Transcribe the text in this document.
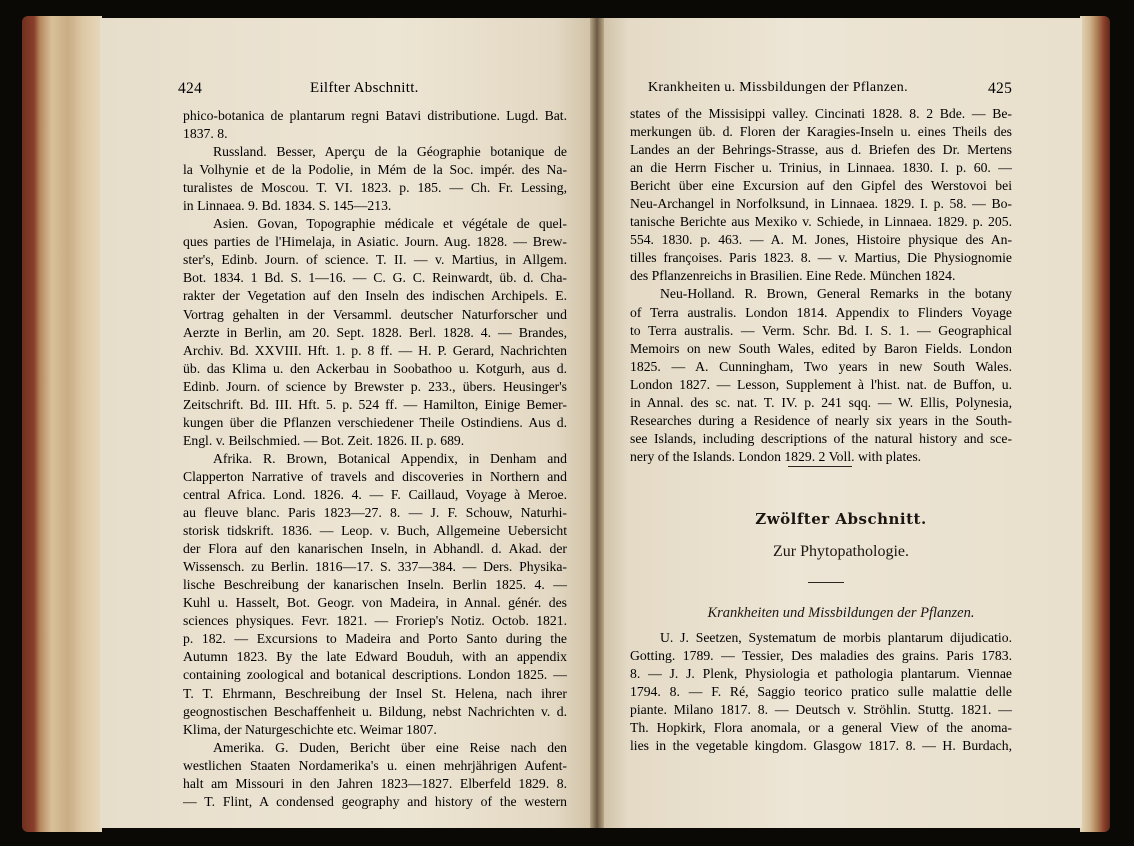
424	Eilfter Abschnitt.

phico-botanica de plantarum regni Batavi distributione. Lugd. Bat.

1837. 8.

Russland. Besser, Aperçu de la Géographie botanique de

la Volhynie et de la Podolie, in Mém de la Soc. impér. des Na-

turalistes de Moscou. T. VI. 1823. p. 185. — Ch. Fr. Lessing,

in Linnaea. 9. Bd. 1834. S. 145—213.

Asien. Govan, Topographie médicale et végétale de quel-

ques parties de l'Himelaja, in Asiatic. Journ. Aug. 1828. — Brew-

ster's, Edinb. Journ. of science. T. II. — v. Martius, in Allgem.

Bot. 1834. 1 Bd. S. 1—16. — C. G. C. Reinwardt, üb. d. Cha-

rakter der Vegetation auf den Inseln des indischen Archipels. E.

Vortrag gehalten in der Versamml. deutscher Naturforscher und

Aerzte in Berlin, am 20. Sept. 1828. Berl. 1828. 4. — Brandes,

Archiv. Bd. XXVIII. Hft. 1. p. 8 ff. — H. P. Gerard, Nachrichten

üb. das Klima u. den Ackerbau in Soobathoo u. Kotgurh, aus d.

Edinb. Journ. of science by Brewster p. 233., übers. Heusinger's

Zeitschrift. Bd. III. Hft. 5. p. 524 ff. — Hamilton, Einige Bemer-

kungen über die Pflanzen verschiedener Theile Ostindiens. Aus d.

Engl. v. Beilschmied. — Bot. Zeit. 1826. II. p. 689.

Afrika. R. Brown, Botanical Appendix, in Denham and

Clapperton Narrative of travels and discoveries in Northern and

central Africa. Lond. 1826. 4. — F. Caillaud, Voyage à Meroe.

au fleuve blanc. Paris 1823—27. 8. — J. F. Schouw, Naturhi-

storisk tidskrift. 1836. — Leop. v. Buch, Allgemeine Uebersicht

der Flora auf den kanarischen Inseln, in Abhandl. d. Akad. der

Wissensch. zu Berlin. 1816—17. S. 337—384. — Ders. Physika-

lische Beschreibung der kanarischen Inseln. Berlin 1825. 4. —

Kuhl u. Hasselt, Bot. Geogr. von Madeira, in Annal. génér. des

sciences physiques. Fevr. 1821. — Froriep's Notiz. Octob. 1821.

p. 182. — Excursions to Madeira and Porto Santo during the

Autumn 1823. By the late Edward Bouduh, with an appendix

containing zoological and botanical descriptions. London 1825. —

T. T. Ehrmann, Beschreibung der Insel St. Helena, nach ihrer

geognostischen Beschaffenheit u. Bildung, nebst Nachrichten v. d.

Klima, der Naturgeschichte etc. Weimar 1807.

Amerika. G. Duden, Bericht über eine Reise nach den

westlichen Staaten Nordamerika's u. einen mehrjährigen Aufent-

halt am Missouri in den Jahren 1823—1827. Elberfeld 1829. 8.

— T. Flint, A condensed geography and history of the western

Krankheiten u. Missbildungen der Pflanzen.	425

states of the Missisippi valley. Cincinati 1828. 8. 2 Bde. — Be-

merkungen üb. d. Floren der Karagies-Inseln u. eines Theils des

Landes an der Behrings-Strasse, aus d. Briefen des Dr. Mertens

an die Herrn Fischer u. Trinius, in Linnaea. 1830. I. p. 60. —

Bericht über eine Excursion auf den Gipfel des Werstovoi bei

Neu-Archangel in Norfolksund, in Linnaea. 1829. I. p. 58. — Bo-

tanische Berichte aus Mexiko v. Schiede, in Linnaea. 1829. p. 205.

554. 1830. p. 463. — A. M. Jones, Histoire physique des An-

tilles françoises. Paris 1823. 8. — v. Martius, Die Physiognomie

des Pflanzenreichs in Brasilien. Eine Rede. München 1824.

Neu-Holland. R. Brown, General Remarks in the botany

of Terra australis. London 1814. Appendix to Flinders Voyage

to Terra australis. — Verm. Schr. Bd. I. S. 1. — Geographical

Memoirs on new South Wales, edited by Baron Fields. London

1825. — A. Cunningham, Two years in new South Wales.

London 1827. — Lesson, Supplement à l'hist. nat. de Buffon, u.

in Annal. des sc. nat. T. IV. p. 241 sqq. — W. Ellis, Polynesia,

Researches during a Residence of nearly six years in the South-

see Islands, including descriptions of the natural history and sce-

nery of the Islands. London 1829. 2 Voll. with plates.

Zwölfter Abschnitt.
Zur Phytopathologie.
Krankheiten und Missbildungen der Pflanzen.

U. J. Seetzen, Systematum de morbis plantarum dijudicatio.

Gotting. 1789. — Tessier, Des maladies des grains. Paris 1783.

8. — J. J. Plenk, Physiologia et pathologia plantarum. Viennae

1794. 8. — F. Ré, Saggio teorico pratico sulle malattie delle

piante. Milano 1817. 8. — Deutsch v. Ströhlin. Stuttg. 1821. —

Th. Hopkirk, Flora anomala, or a general View of the anoma-

lies in the vegetable kingdom. Glasgow 1817. 8. — H. Burdach,
